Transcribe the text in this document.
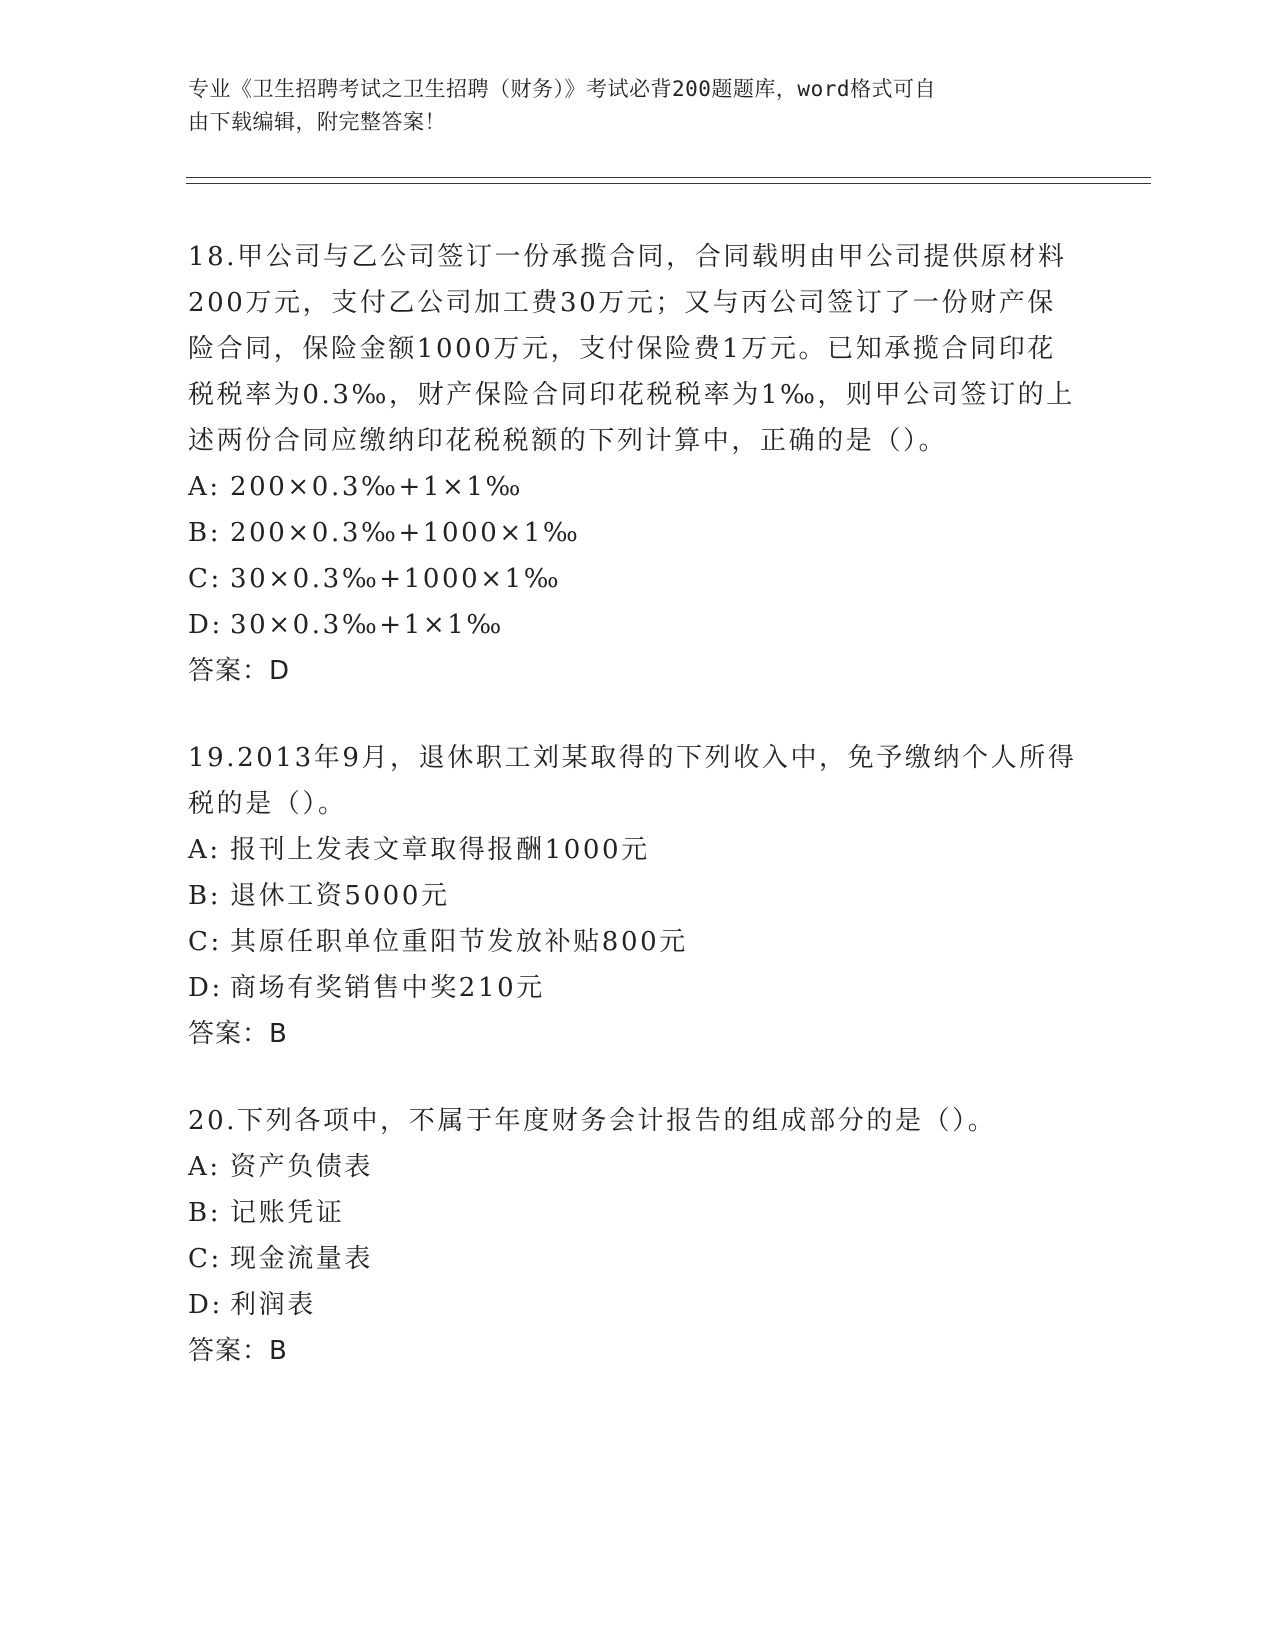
专业《卫生招聘考试之卫生招聘（财务）》考试必背200题题库，word格式可自
由下载编辑，附完整答案！
18.甲公司与乙公司签订一份承揽合同，合同载明由甲公司提供原材料
200万元，支付乙公司加工费30万元；又与丙公司签订了一份财产保
险合同，保险金额1000万元，支付保险费1万元。已知承揽合同印花
税税率为0.3‰，财产保险合同印花税税率为1‰，则甲公司签订的上
述两份合同应缴纳印花税税额的下列计算中，正确的是（）。
A: 200×0.3‰+1×1‰
B: 200×0.3‰+1000×1‰
C: 30×0.3‰+1000×1‰
D: 30×0.3‰+1×1‰
答案：D
19.2013年9月，退休职工刘某取得的下列收入中，免予缴纳个人所得
税的是（）。
A: 报刊上发表文章取得报酬1000元
B: 退休工资5000元
C: 其原任职单位重阳节发放补贴800元
D: 商场有奖销售中奖210元
答案：B
20.下列各项中，不属于年度财务会计报告的组成部分的是（）。
A: 资产负债表
B: 记账凭证
C: 现金流量表
D: 利润表
答案：B
